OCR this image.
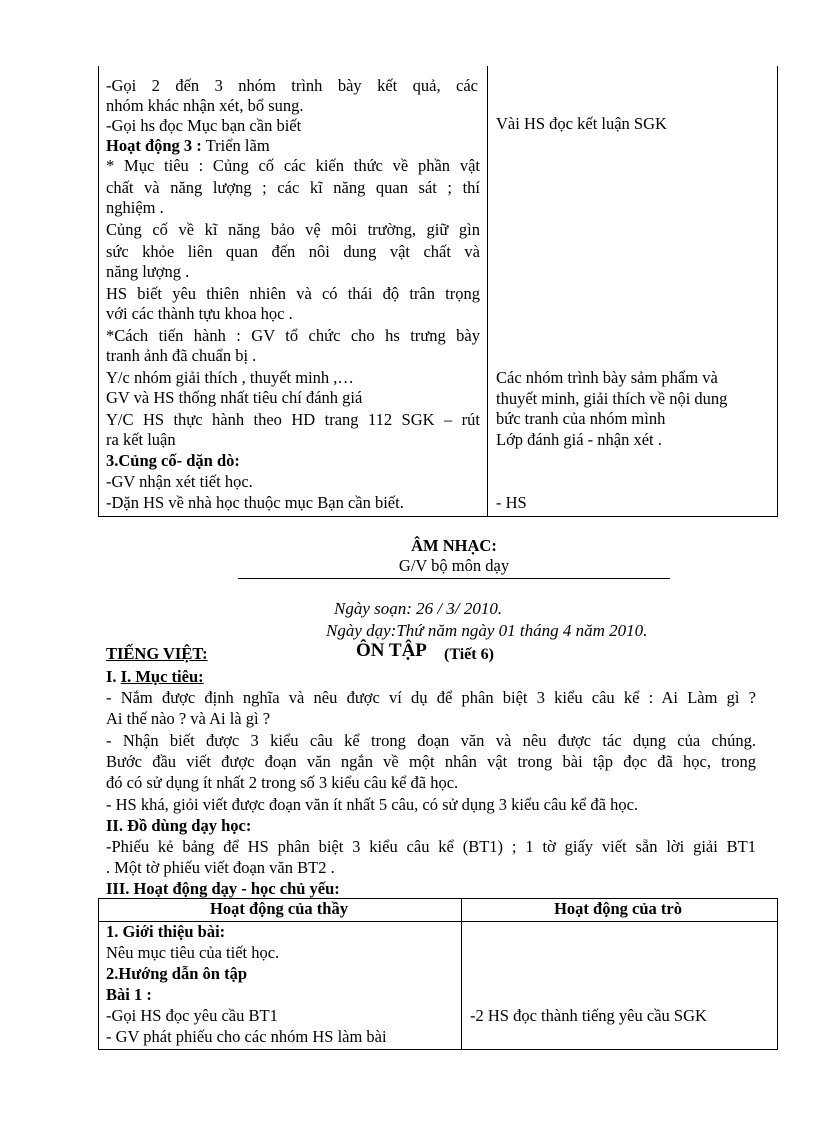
-Gọi 2 đến 3 nhóm trình bày kết quả, các
nhóm khác nhận xét, bổ sung.
-Gọi hs đọc Mục bạn cần biết
Hoạt động 3 : Triển lãm
* Mục tiêu : Củng cố các kiến thức về phần vật
chất và năng lượng ; các kĩ năng quan sát ; thí
nghiệm .
Củng cố về kĩ năng bảo vệ môi trường, giữ gìn
sức khỏe liên quan đến nôi dung vật chất và
năng lượng .
HS biết yêu thiên nhiên và có thái độ trân trọng
với các thành tựu khoa học .
*Cách tiến hành : GV tổ chức cho hs trưng bày
tranh ảnh đã chuẩn bị .
Y/c nhóm giải thích , thuyết minh ,…
GV và HS thống nhất tiêu chí đánh giá
Y/C HS thực hành theo HD trang 112 SGK – rút
ra kết luận
3.Củng cố- dặn dò:
-GV nhận xét tiết học.
-Dặn HS về nhà học thuộc mục Bạn cần biết.
Vài HS đọc kết luận SGK
Các nhóm trình bày sảm phẩm và
thuyết minh, giải thích về nội dung
bức tranh của nhóm mình
Lớp đánh giá - nhận xét .
- HS
ÂM NHẠC:
G/V bộ môn dạy
Ngày soạn: 26 / 3/ 2010.
Ngày dạy:Thứ năm ngày 01 tháng 4 năm 2010.
TIẾNG VIỆT:	ÔN TẬP (Tiết 6)
I. I. Mục tiêu:
- Nắm được định nghĩa và nêu được ví dụ để phân biệt 3 kiểu câu kể : Ai Làm gì ?
Ai thế nào ? và Ai là gì ?
- Nhận biết được 3 kiểu câu kể trong đoạn văn và nêu được tác dụng của chúng.
Bước đầu viết được đoạn văn ngắn về một nhân vật trong bài tập đọc đã học, trong
đó có sử dụng ít nhất 2 trong số 3 kiểu câu kể đã học.
- HS khá, giỏi viết được đoạn văn ít nhất 5 câu, có sử dụng 3 kiểu câu kể đã học.
II. Đồ dùng dạy học:
-Phiếu kẻ bảng để HS phân biệt 3 kiểu câu kể (BT1) ; 1 tờ giấy viết sẵn lời giải BT1
. Một tờ phiếu viết đoạn văn BT2 .
III. Hoạt động dạy - học chủ yếu:
Hoạt động của thầy	Hoạt động của trò
1. Giới thiệu bài:
Nêu mục tiêu của tiết học.
2.Hướng dẫn ôn tập
Bài 1 :
-Gọi HS đọc yêu cầu BT1
- GV phát phiếu cho các nhóm HS làm bài
-2 HS đọc thành tiếng yêu cầu SGK
